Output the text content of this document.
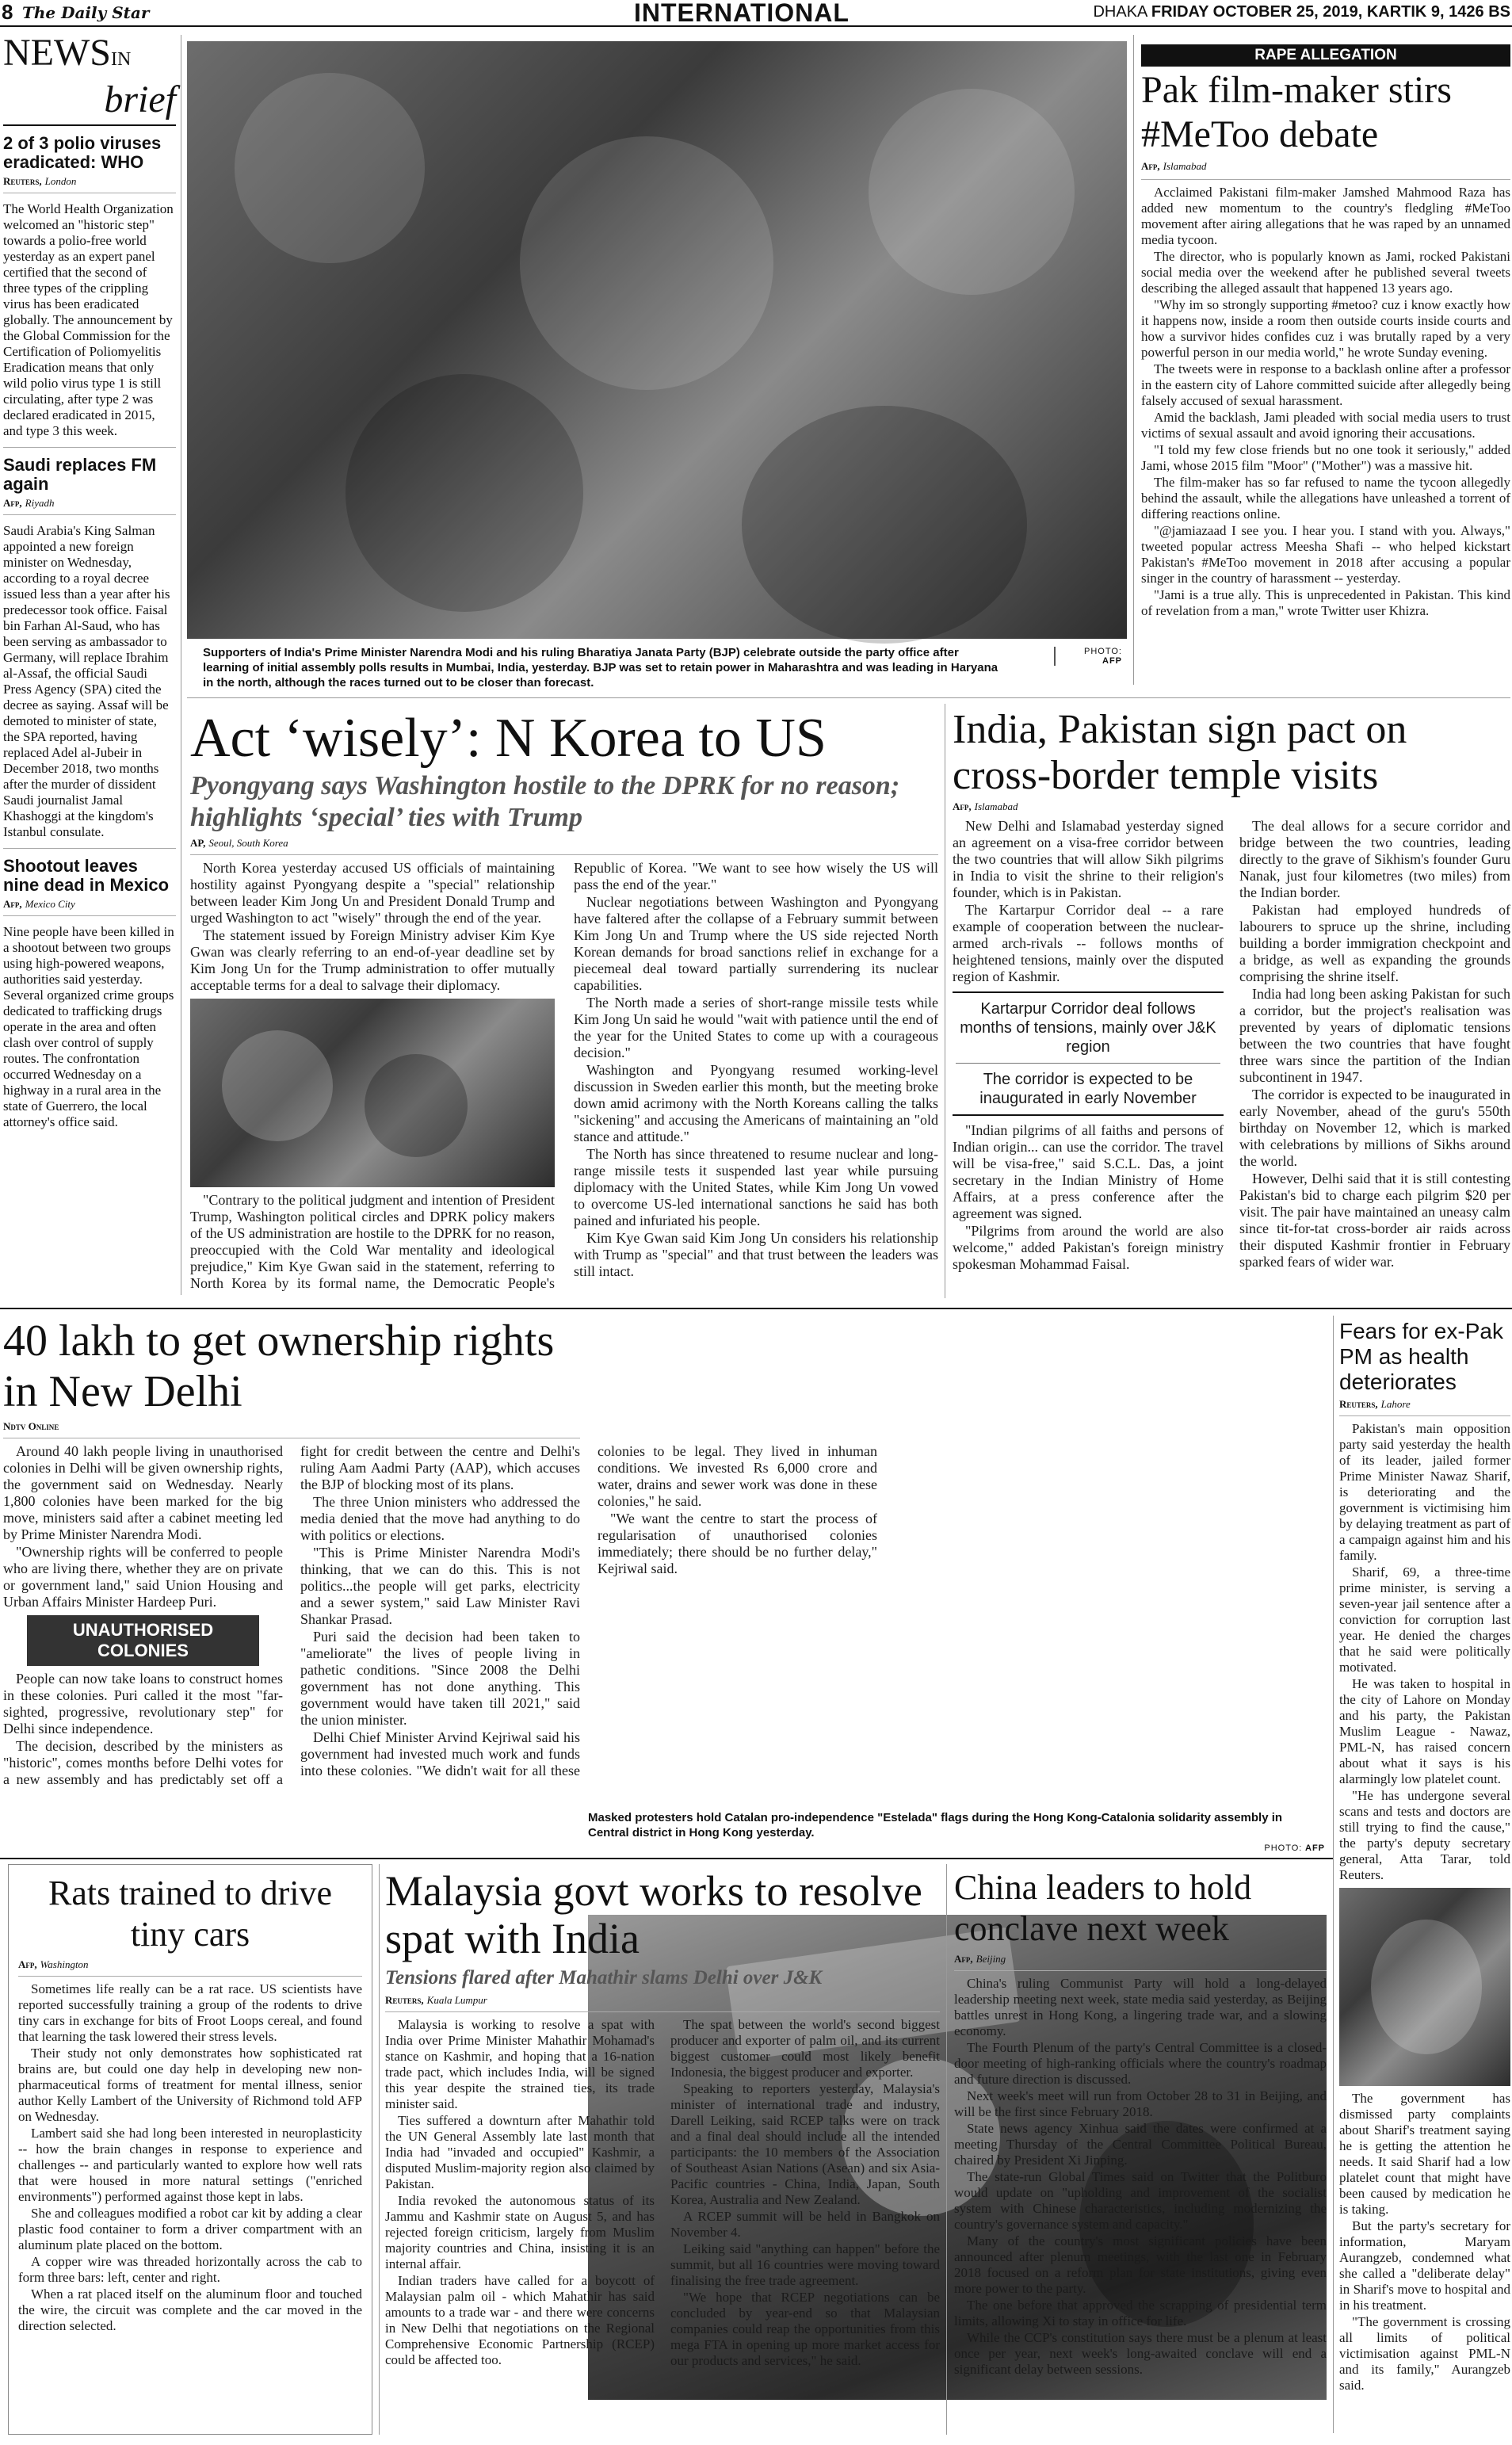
8 The Daily Star	INTERNATIONAL	DHAKA FRIDAY OCTOBER 25, 2019, KARTIK 9, 1426 BS
NEWSIN
brief
2 of 3 polio viruses eradicated: WHO
Reuters, London
The World Health Organization welcomed an "historic step" towards a polio-free world yesterday as an expert panel certified that the second of three types of the crippling virus has been eradicated globally. The announcement by the Global Commission for the Certification of Poliomyelitis Eradication means that only wild polio virus type 1 is still circulating, after type 2 was declared eradicated in 2015, and type 3 this week.
Saudi replaces FM again
Afp, Riyadh
Saudi Arabia's King Salman appointed a new foreign minister on Wednesday, according to a royal decree issued less than a year after his predecessor took office. Faisal bin Farhan Al-Saud, who has been serving as ambassador to Germany, will replace Ibrahim al-Assaf, the official Saudi Press Agency (SPA) cited the decree as saying. Assaf will be demoted to minister of state, the SPA reported, having replaced Adel al-Jubeir in December 2018, two months after the murder of dissident Saudi journalist Jamal Khashoggi at the kingdom's Istanbul consulate.
Shootout leaves nine dead in Mexico
Afp, Mexico City
Nine people have been killed in a shootout between two groups using high-powered weapons, authorities said yesterday. Several organized crime groups dedicated to trafficking drugs operate in the area and often clash over control of supply routes. The confrontation occurred Wednesday on a highway in a rural area in the state of Guerrero, the local attorney's office said.
Supporters of India's Prime Minister Narendra Modi and his ruling Bharatiya Janata Party (BJP) celebrate outside the party office after learning of initial assembly polls results in Mumbai, India, yesterday. BJP was set to retain power in Maharashtra and was leading in Haryana in the north, although the races turned out to be closer than forecast.
PHOTO:
AFP
RAPE ALLEGATION
Pak film-maker stirs #MeToo debate
Afp, Islamabad

Acclaimed Pakistani film-maker Jamshed Mahmood Raza has added new momentum to the country's fledgling #MeToo movement after airing allegations that he was raped by an unnamed media tycoon.

The director, who is popularly known as Jami, rocked Pakistani social media over the weekend after he published several tweets describing the alleged assault that happened 13 years ago.

"Why im so strongly supporting #metoo? cuz i know exactly how it happens now, inside a room then outside courts inside courts and how a survivor hides confides cuz i was brutally raped by a very powerful person in our media world," he wrote Sunday evening.

The tweets were in response to a backlash online after a professor in the eastern city of Lahore committed suicide after allegedly being falsely accused of sexual harassment.

Amid the backlash, Jami pleaded with social media users to trust victims of sexual assault and avoid ignoring their accusations.

"I told my few close friends but no one took it seriously," added Jami, whose 2015 film "Moor" ("Mother") was a massive hit.

The film-maker has so far refused to name the tycoon allegedly behind the assault, while the allegations have unleashed a torrent of differing reactions online.

"@jamiazaad I see you. I hear you. I stand with you. Always," tweeted popular actress Meesha Shafi -- who helped kickstart Pakistan's #MeToo movement in 2018 after accusing a popular singer in the country of harassment -- yesterday.

"Jami is a true ally. This is unprecedented in Pakistan. This kind of revelation from a man," wrote Twitter user Khizra.

Act ‘wisely’: N Korea to US
Pyongyang says Washington hostile to the DPRK for no reason; highlights ‘special’ ties with Trump
AP, Seoul, South Korea

North Korea yesterday accused US officials of maintaining hostility against Pyongyang despite a "special" relationship between leader Kim Jong Un and President Donald Trump and urged Washington to act "wisely" through the end of the year.

The statement issued by Foreign Ministry adviser Kim Kye Gwan was clearly referring to an end-of-year deadline set by Kim Jong Un for the Trump administration to offer mutually acceptable terms for a deal to salvage their diplomacy.

"Contrary to the political judgment and intention of President Trump, Washington political circles and DPRK policy makers of the US administration are hostile to the DPRK for no reason, preoccupied with the Cold War mentality and ideological prejudice," Kim Kye Gwan said in the statement, referring to North Korea by its formal name, the Democratic People's Republic of Korea. "We want to see how wisely the US will pass the end of the year."

Nuclear negotiations between Washington and Pyongyang have faltered after the collapse of a February summit between Kim Jong Un and Trump where the US side rejected North Korean demands for broad sanctions relief in exchange for a piecemeal deal toward partially surrendering its nuclear capabilities.

The North made a series of short-range missile tests while Kim Jong Un said he would "wait with patience until the end of the year for the United States to come up with a courageous decision."

Washington and Pyongyang resumed working-level discussion in Sweden earlier this month, but the meeting broke down amid acrimony with the North Koreans calling the talks "sickening" and accusing the Americans of maintaining an "old stance and attitude."

The North has since threatened to resume nuclear and long-range missile tests it suspended last year while pursuing diplomacy with the United States, while Kim Jong Un vowed to overcome US-led international sanctions he said has both pained and infuriated his people.

Kim Kye Gwan said Kim Jong Un considers his relationship with Trump as "special" and that trust between the leaders was still intact.

India, Pakistan sign pact on cross-border temple visits
Afp, Islamabad

New Delhi and Islamabad yesterday signed an agreement on a visa-free corridor between the two countries that will allow Sikh pilgrims in India to visit the shrine to their religion's founder, which is in Pakistan.

The Kartarpur Corridor deal -- a rare example of cooperation between the nuclear-armed arch-rivals -- follows months of heightened tensions, mainly over the disputed region of Kashmir.

Kartarpur Corridor deal follows months of tensions, mainly over J&K region
The corridor is expected to be inaugurated in early November

"Indian pilgrims of all faiths and persons of Indian origin... can use the corridor. The travel will be visa-free," said S.C.L. Das, a joint secretary in the Indian Ministry of Home Affairs, at a press conference after the agreement was signed.

"Pilgrims from around the world are also welcome," added Pakistan's foreign ministry spokesman Mohammad Faisal.

The deal allows for a secure corridor and bridge between the two countries, leading directly to the grave of Sikhism's founder Guru Nanak, just four kilometres (two miles) from the Indian border.

Pakistan had employed hundreds of labourers to spruce up the shrine, including building a border immigration checkpoint and a bridge, as well as expanding the grounds comprising the shrine itself.

India had long been asking Pakistan for such a corridor, but the project's realisation was prevented by years of diplomatic tensions between the two countries that have fought three wars since the partition of the Indian subcontinent in 1947.

The corridor is expected to be inaugurated in early November, ahead of the guru's 550th birthday on November 12, which is marked with celebrations by millions of Sikhs around the world.

However, Delhi said that it is still contesting Pakistan's bid to charge each pilgrim $20 per visit. The pair have maintained an uneasy calm since tit-for-tat cross-border air raids across their disputed Kashmir frontier in February sparked fears of wider war.

40 lakh to get ownership rights in New Delhi
Ndtv Online

Around 40 lakh people living in unauthorised colonies in Delhi will be given ownership rights, the government said on Wednesday. Nearly 1,800 colonies have been marked for the big move, ministers said after a cabinet meeting led by Prime Minister Narendra Modi.

"Ownership rights will be conferred to people who are living there, whether they are on private or government land," said Union Housing and Urban Affairs Minister Hardeep Puri.

UNAUTHORISED COLONIES

People can now take loans to construct homes in these colonies. Puri called it the most "far-sighted, progressive, revolutionary step" for Delhi since independence.

The decision, described by the ministers as "historic", comes months before Delhi votes for a new assembly and has predictably set off a fight for credit between the centre and Delhi's ruling Aam Aadmi Party (AAP), which accuses the BJP of blocking most of its plans.

The three Union ministers who addressed the media denied that the move had anything to do with politics or elections.

"This is Prime Minister Narendra Modi's thinking, that we can do this. This is not politics...the people will get parks, electricity and a sewer system," said Law Minister Ravi Shankar Prasad.

Puri said the decision had been taken to "ameliorate" the lives of people living in pathetic conditions. "Since 2008 the Delhi government has not done anything. This government would have taken till 2021," said the union minister.

Delhi Chief Minister Arvind Kejriwal said his government had invested much work and funds into these colonies. "We didn't wait for all these colonies to be legal. They lived in inhuman conditions. We invested Rs 6,000 crore and water, drains and sewer work was done in these colonies," he said.

"We want the centre to start the process of regularisation of unauthorised colonies immediately; there should be no further delay," Kejriwal said.

Masked protesters hold Catalan pro-independence "Estelada" flags during the Hong Kong-Catalonia solidarity assembly in Central district in Hong Kong yesterday.
PHOTO: AFP
Fears for ex-Pak PM as health deteriorates
Reuters, Lahore

Pakistan's main opposition party said yesterday the health of its leader, jailed former Prime Minister Nawaz Sharif, is deteriorating and the government is victimising him by delaying treatment as part of a campaign against him and his family.

Sharif, 69, a three-time prime minister, is serving a seven-year jail sentence after a conviction for corruption last year. He denied the charges that he said were politically motivated.

He was taken to hospital in the city of Lahore on Monday and his party, the Pakistan Muslim League - Nawaz, PML-N, has raised concern about what it says is his alarmingly low platelet count.

"He has undergone several scans and tests and doctors are still trying to find the cause," the party's deputy secretary general, Atta Tarar, told Reuters.

The government has dismissed party complaints about Sharif's treatment saying he is getting the attention he needs. It said Sharif had a low platelet count that might have been caused by medication he is taking.

But the party's secretary for information, Maryam Aurangzeb, condemned what she called a "deliberate delay" in Sharif's move to hospital and in his treatment.

"The government is crossing all limits of political victimisation against PML-N and its family," Aurangzeb said.

Rats trained to drive tiny cars
Afp, Washington

Sometimes life really can be a rat race. US scientists have reported successfully training a group of the rodents to drive tiny cars in exchange for bits of Froot Loops cereal, and found that learning the task lowered their stress levels.

Their study not only demonstrates how sophisticated rat brains are, but could one day help in developing new non-pharmaceutical forms of treatment for mental illness, senior author Kelly Lambert of the University of Richmond told AFP on Wednesday.

Lambert said she had long been interested in neuroplasticity -- how the brain changes in response to experience and challenges -- and particularly wanted to explore how well rats that were housed in more natural settings ("enriched environments") performed against those kept in labs.

She and colleagues modified a robot car kit by adding a clear plastic food container to form a driver compartment with an aluminum plate placed on the bottom.

A copper wire was threaded horizontally across the cab to form three bars: left, center and right.

When a rat placed itself on the aluminum floor and touched the wire, the circuit was complete and the car moved in the direction selected.

Malaysia govt works to resolve spat with India
Tensions flared after Mahathir slams Delhi over J&K
Reuters, Kuala Lumpur

Malaysia is working to resolve a spat with India over Prime Minister Mahathir Mohamad's stance on Kashmir, and hoping that a 16-nation trade pact, which includes India, will be signed this year despite the strained ties, its trade minister said.

Ties suffered a downturn after Mahathir told the UN General Assembly late last month that India had "invaded and occupied" Kashmir, a disputed Muslim-majority region also claimed by Pakistan.

India revoked the autonomous status of its Jammu and Kashmir state on August 5, and has rejected foreign criticism, largely from Muslim majority countries and China, insisting it is an internal affair.

Indian traders have called for a boycott of Malaysian palm oil - which Mahathir has said amounts to a trade war - and there were concerns in New Delhi that negotiations on the Regional Comprehensive Economic Partnership (RCEP) could be affected too.

The spat between the world's second biggest producer and exporter of palm oil, and its current biggest customer could most likely benefit Indonesia, the biggest producer and exporter.

Speaking to reporters yesterday, Malaysia's minister of international trade and industry, Darell Leiking, said RCEP talks were on track and a final deal should include all the intended participants: the 10 members of the Association of Southeast Asian Nations (Asean) and six Asia-Pacific countries - China, India, Japan, South Korea, Australia and New Zealand.

A RCEP summit will be held in Bangkok on November 4.

Leiking said "anything can happen" before the summit, but all 16 countries were moving toward finalising the free trade agreement.

"We hope that RCEP negotiations can be concluded by year-end so that Malaysian companies could reap the opportunities from this mega FTA in opening up more market access for our products and services," he said.

China leaders to hold conclave next week
Afp, Beijing

China's ruling Communist Party will hold a long-delayed leadership meeting next week, state media said yesterday, as Beijing battles unrest in Hong Kong, a lingering trade war, and a slowing economy.

The Fourth Plenum of the party's Central Committee is a closed-door meeting of high-ranking officials where the country's roadmap and future direction is discussed.

Next week's meet will run from October 28 to 31 in Beijing, and will be the first since February 2018.

State news agency Xinhua said the dates were confirmed at a meeting Thursday of the Central Committee Political Bureau, chaired by President Xi Jinping.

The state-run Global Times said on Twitter that the Politburo would update on "upholding and improvement of the socialist system with Chinese characteristics, including modernizing the country's governance system and capacity."

Many of the country's most significant policies have been announced after plenum meetings, with the last one in February 2018 focused on a reform plan for state institutions, giving even more power to the party.

The one before that approved the scrapping of presidential term limits, allowing Xi to stay in office for life.

While the CCP's constitution says there must be a plenum at least once per year, next week's long-awaited conclave will end a significant delay between sessions.
